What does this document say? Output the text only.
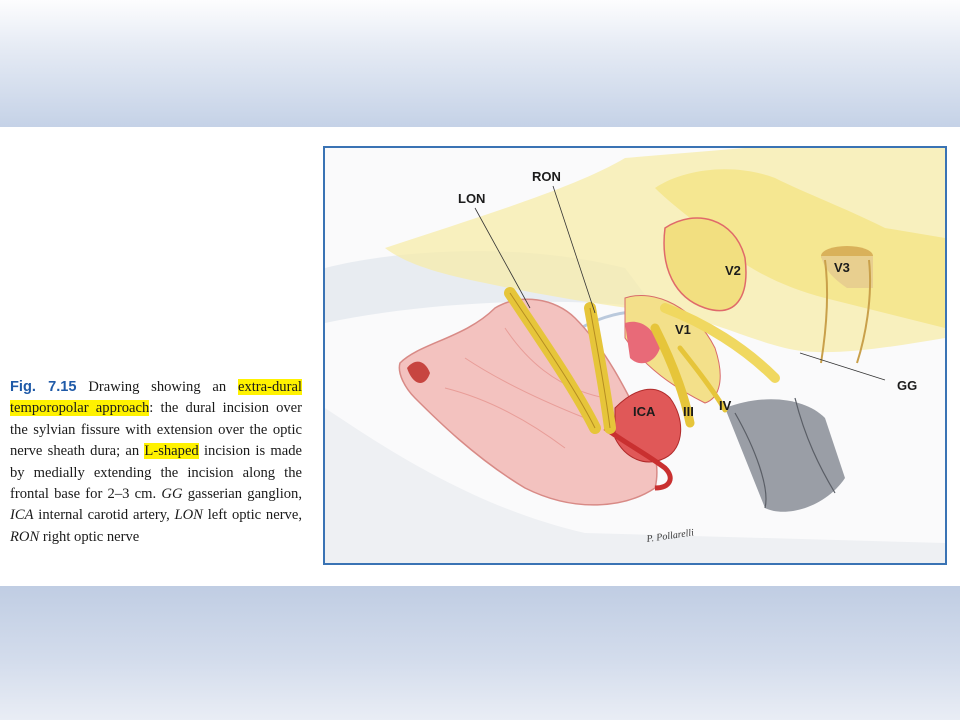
Fig. 7.15 Drawing showing an extra-dural temporopolar approach: the dural incision over the sylvian fissure with extension over the optic nerve sheath dura; an L-shaped incision is made by medially extending the incision along the frontal base for 2–3 cm. GG gasserian ganglion, ICA internal carotid artery, LON left optic nerve, RON right optic nerve

RON
LON
V2	V3
V1
GG
ICA III IV
P. Pollarelli
